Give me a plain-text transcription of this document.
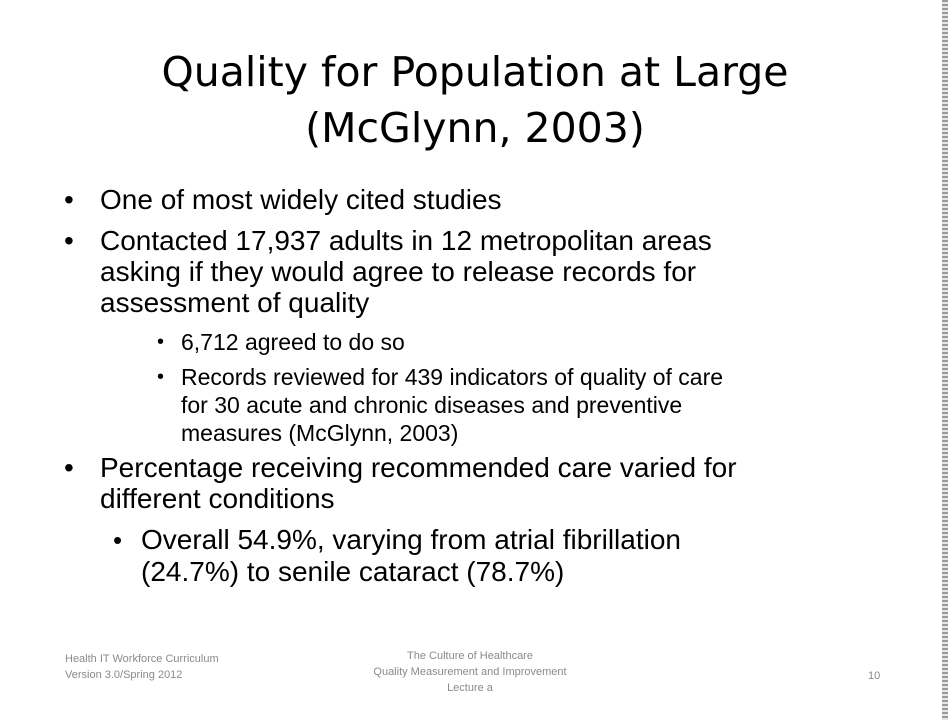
Quality for Population at Large
(McGlynn, 2003)
• One of most widely cited studies
• Contacted 17,937 adults in 12 metropolitan areas
asking if they would agree to release records for
assessment of quality
• 6,712 agreed to do so
• Records reviewed for 439 indicators of quality of care
for 30 acute and chronic diseases and preventive
measures (McGlynn, 2003)
• Percentage receiving recommended care varied for
different conditions
• Overall 54.9%, varying from atrial fibrillation
(24.7%) to senile cataract (78.7%)
Health IT Workforce Curriculum
Version 3.0/Spring 2012
The Culture of Healthcare
Quality Measurement and Improvement
Lecture a
10
